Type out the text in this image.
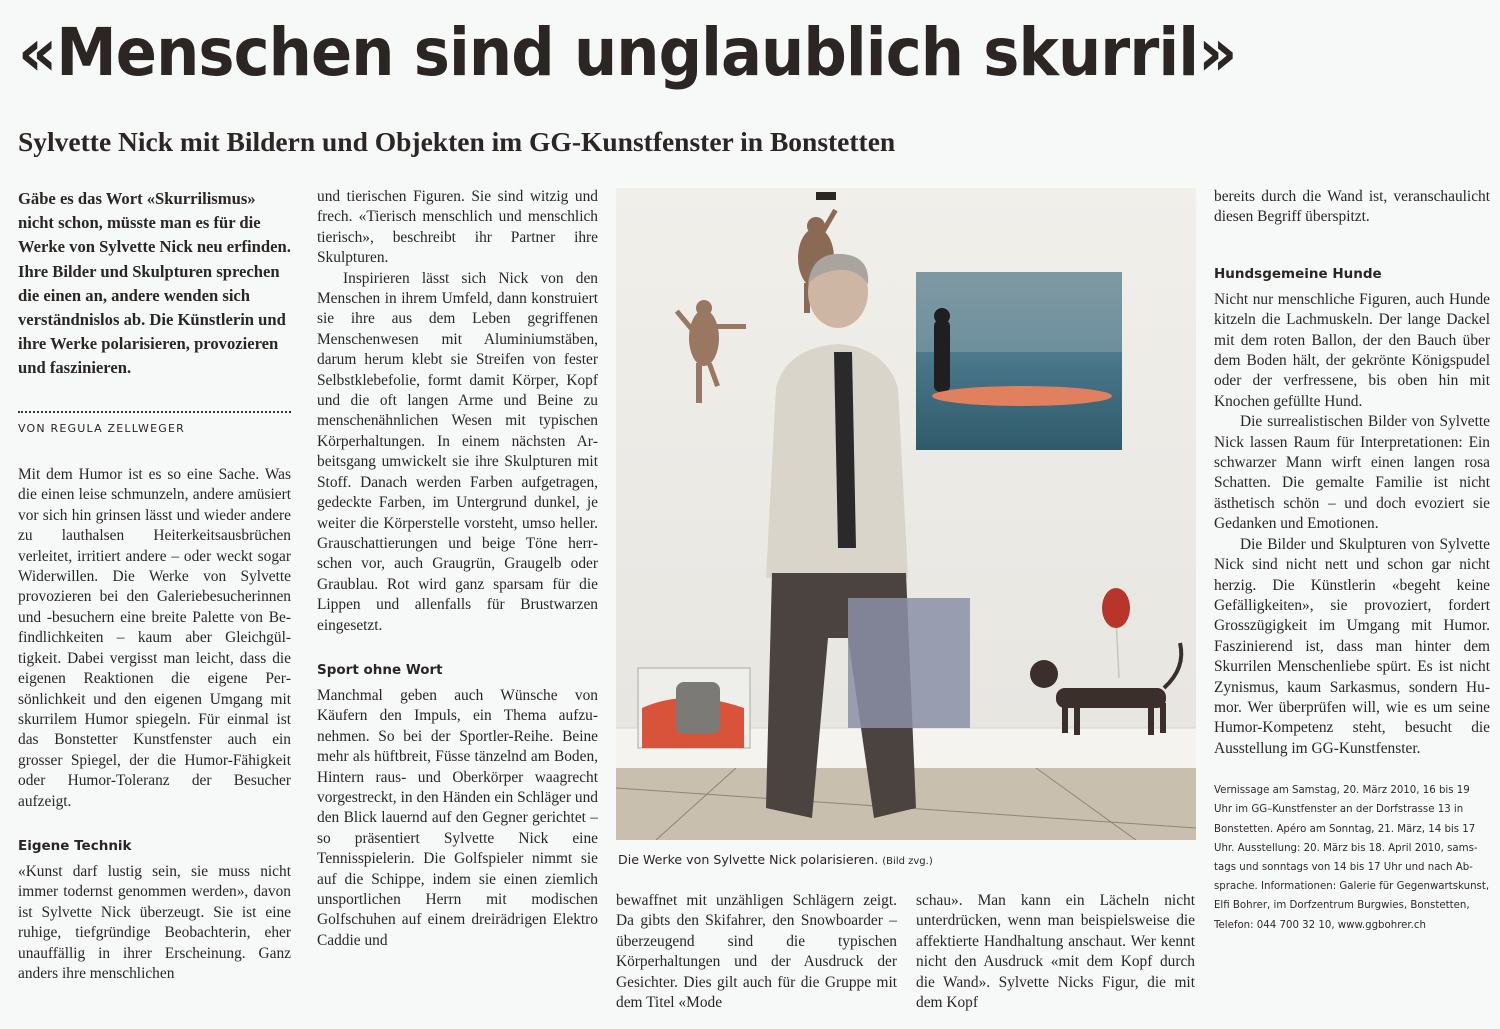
«Menschen sind unglaublich skurril»
Sylvette Nick mit Bildern und Objekten im GG-Kunstfenster in Bonstetten

Gäbe es das Wort «Skurrilismus» nicht schon, müsste man es für die Werke von Sylvette Nick neu erfinden. Ihre Bilder und Skulpturen sprechen die einen an, andere wenden sich verständnislos ab. Die Künstlerin und ihre Werke polarisieren, provozieren und faszinieren.

VON REGULA ZELLWEGER

Mit dem Humor ist es so eine Sache. Was die einen leise schmunzeln, andere amüsiert vor sich hin grinsen lässt und wieder andere zu lauthalsen Heiterkeitsausbrüchen verleitet, irritiert andere – oder weckt sogar Widerwillen. Die Werke von Sylvette provozieren bei den Galeriebesucherinnen und -besuchern eine breite Palette von Befindlichkeiten – kaum aber Gleichgültigkeit. Dabei vergisst man leicht, dass die eigenen Reaktionen die eigene Persönlichkeit und den eigenen Umgang mit skurrilem Humor spiegeln. Für einmal ist das Bonstetter Kunstfenster auch ein grosser Spiegel, der die Humor-Fähigkeit oder Humor-Toleranz der Besucher aufzeigt.

Eigene Technik

«Kunst darf lustig sein, sie muss nicht immer todernst genommen werden», davon ist Sylvette Nick überzeugt. Sie ist eine ruhige, tiefgründige Beobachterin, eher unauffällig in ihrer Erscheinung. Ganz anders ihre menschlichen

und tierischen Figuren. Sie sind witzig und frech. «Tierisch menschlich und menschlich tierisch», beschreibt ihr Partner ihre Skulpturen.

Inspirieren lässt sich Nick von den Menschen in ihrem Umfeld, dann konstruiert sie ihre aus dem Leben gegriffenen Menschenwesen mit Aluminiumstäben, darum herum klebt sie Streifen von fester Selbstklebefolie, formt damit Körper, Kopf und die oft langen Arme und Beine zu menschenähnlichen Wesen mit typischen Körperhaltungen. In einem nächsten Arbeitsgang umwickelt sie ihre Skulpturen mit Stoff. Danach werden Farben aufgetragen, gedeckte Farben, im Untergrund dunkel, je weiter die Körperstelle vorsteht, umso heller. Grauschattierungen und beige Töne herrschen vor, auch Graugrün, Graugelb oder Graublau. Rot wird ganz sparsam für die Lippen und allenfalls für Brustwarzen eingesetzt.

Sport ohne Wort

Manchmal geben auch Wünsche von Käufern den Impuls, ein Thema aufzunehmen. So bei der Sportler-Reihe. Beine mehr als hüftbreit, Füsse tänzelnd am Boden, Hintern raus- und Oberkörper waagrecht vorgestreckt, in den Händen ein Schläger und den Blick lauernd auf den Gegner gerichtet – so präsentiert Sylvette Nick eine Tennisspielerin. Die Golfspieler nimmt sie auf die Schippe, indem sie einen ziemlich unsportlichen Herrn mit modischen Golfschuhen auf einem dreirädrigen Elektro Caddie und

Die Werke von Sylvette Nick polarisieren. (Bild zvg.)

bewaffnet mit unzähligen Schlägern zeigt. Da gibts den Skifahrer, den Snowboarder – überzeugend sind die typischen Körperhaltungen und der Ausdruck der Gesichter. Dies gilt auch für die Gruppe mit dem Titel «Mode

schau». Man kann ein Lächeln nicht unterdrücken, wenn man beispielsweise die affektierte Handhaltung anschaut. Wer kennt nicht den Ausdruck «mit dem Kopf durch die Wand». Sylvette Nicks Figur, die mit dem Kopf

bereits durch die Wand ist, veranschaulicht diesen Begriff überspitzt.

Hundsgemeine Hunde

Nicht nur menschliche Figuren, auch Hunde kitzeln die Lachmuskeln. Der lange Dackel mit dem roten Ballon, der den Bauch über dem Boden hält, der gekrönte Königspudel oder der verfressene, bis oben hin mit Knochen gefüllte Hund.

Die surrealistischen Bilder von Sylvette Nick lassen Raum für Interpretationen: Ein schwarzer Mann wirft einen langen rosa Schatten. Die gemalte Familie ist nicht ästhetisch schön – und doch evoziert sie Gedanken und Emotionen.

Die Bilder und Skulpturen von Sylvette Nick sind nicht nett und schon gar nicht herzig. Die Künstlerin «begeht keine Gefälligkeiten», sie provoziert, fordert Grosszügigkeit im Umgang mit Humor. Faszinierend ist, dass man hinter dem Skurrilen Menschenliebe spürt. Es ist nicht Zynismus, kaum Sarkasmus, sondern Humor. Wer überprüfen will, wie es um seine Humor-Kompetenz steht, besucht die Ausstellung im GG-Kunstfenster.

Vernissage am Samstag, 20. März 2010, 16 bis 19 Uhr im GG–Kunstfenster an der Dorfstrasse 13 in Bonstetten. Apéro am Sonntag, 21. März, 14 bis 17 Uhr. Ausstellung: 20. März bis 18. April 2010, samstags und sonntags von 14 bis 17 Uhr und nach Absprache. Informationen: Galerie für Gegenwartskunst, Elfi Bohrer, im Dorfzentrum Burgwies, Bonstetten, Telefon: 044 700 32 10, www.ggbohrer.ch
